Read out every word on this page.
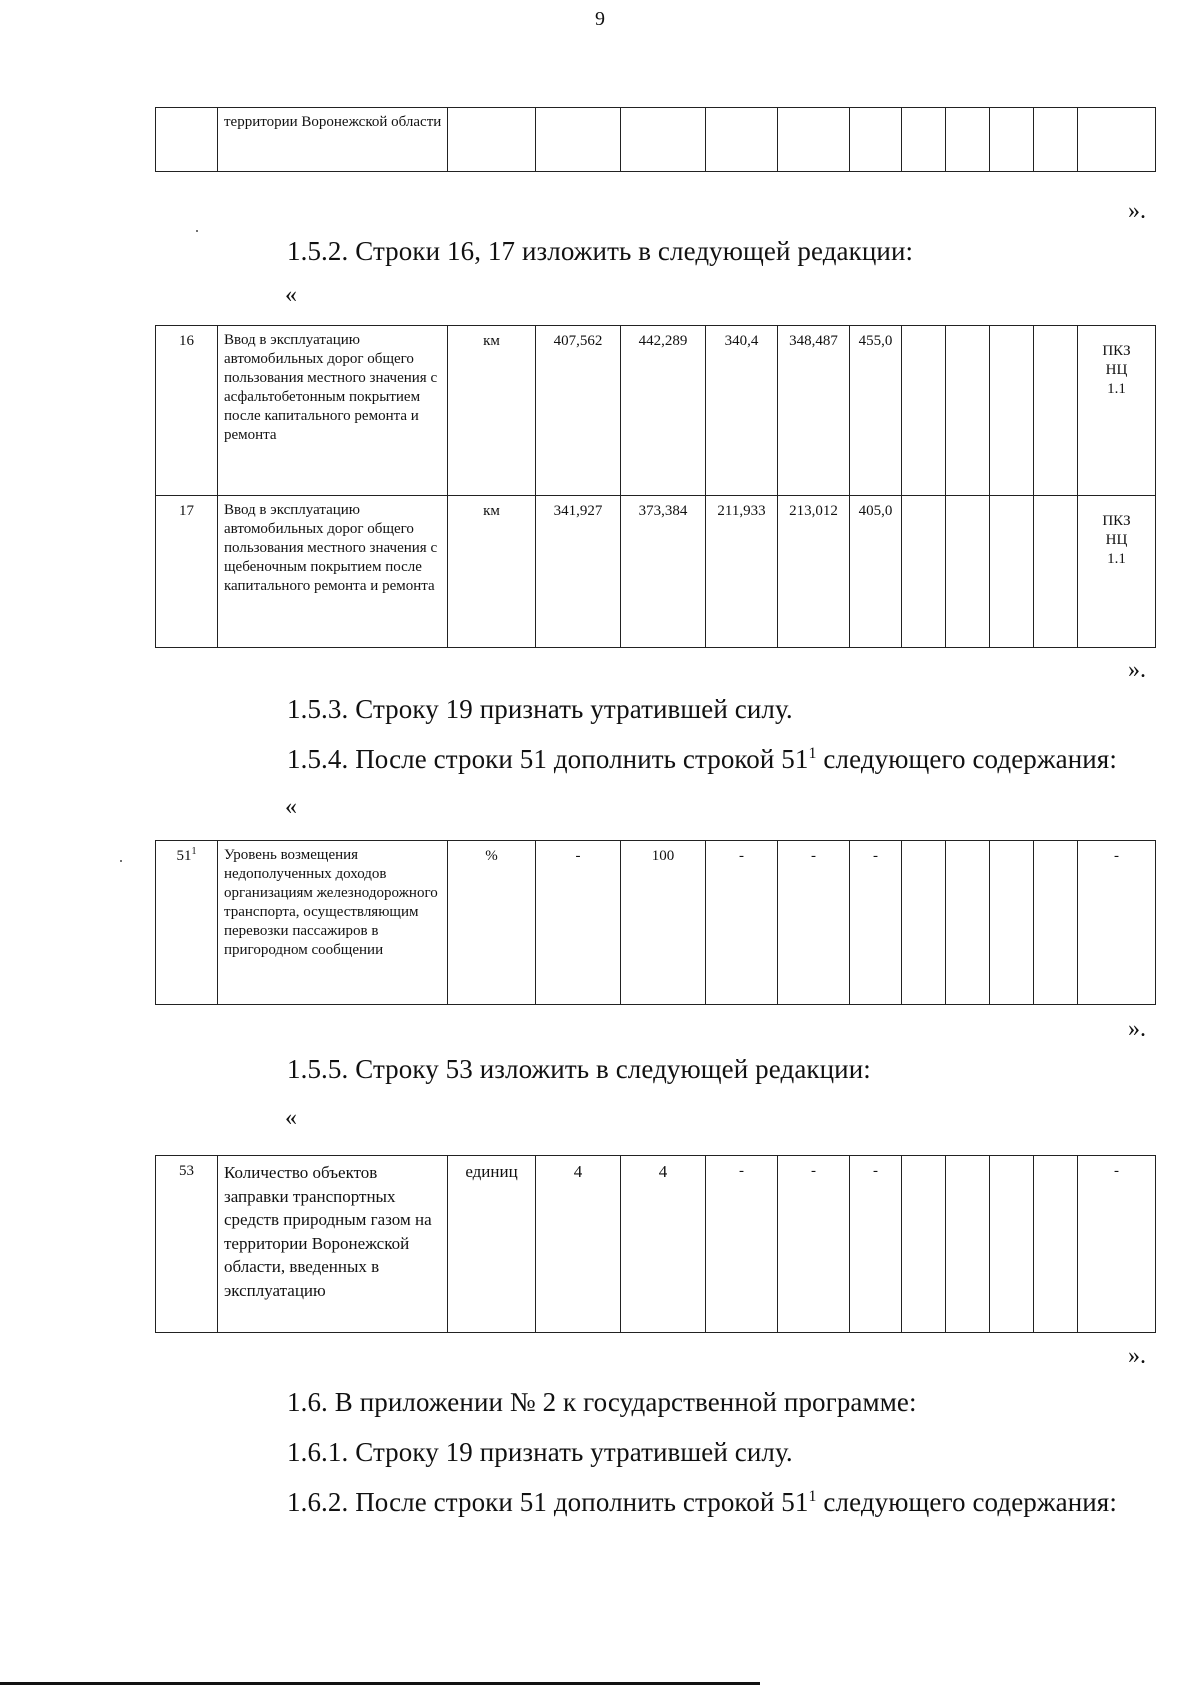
9
	территории Воронежской области											
».
1.5.2. Строки 16, 17 изложить в следующей редакции:
«
16	Ввод в эксплуатацию автомобильных дорог общего пользования местного значения с асфальтобетонным покрытием после капитального ремонта и ремонта	км	407,562	442,289	340,4	348,487	455,0					ПКЗ НЦ 1.1
17	Ввод в эксплуатацию автомобильных дорог общего пользования местного значения с щебеночным покрытием после капитального ремонта и ремонта	км	341,927	373,384	211,933	213,012	405,0					ПКЗ НЦ 1.1
».
1.5.3. Строку 19 признать утратившей силу.
1.5.4. После строки 51 дополнить строкой $51^1$ следующего содержания:
«
$51^1$	Уровень возмещения недополученных доходов организациям железнодорожного транспорта, осуществляющим перевозки пассажиров в пригородном сообщении	%	-	100	-	-	-					-
».
1.5.5. Строку 53 изложить в следующей редакции:
«
53	Количество объектов заправки транспортных средств природным газом на территории Воронежской области, введенных в эксплуатацию	единиц	4	4	-	-	-					-
».
1.6. В приложении № 2 к государственной программе:
1.6.1. Строку 19 признать утратившей силу.
1.6.2. После строки 51 дополнить строкой $51^1$ следующего содержания:
